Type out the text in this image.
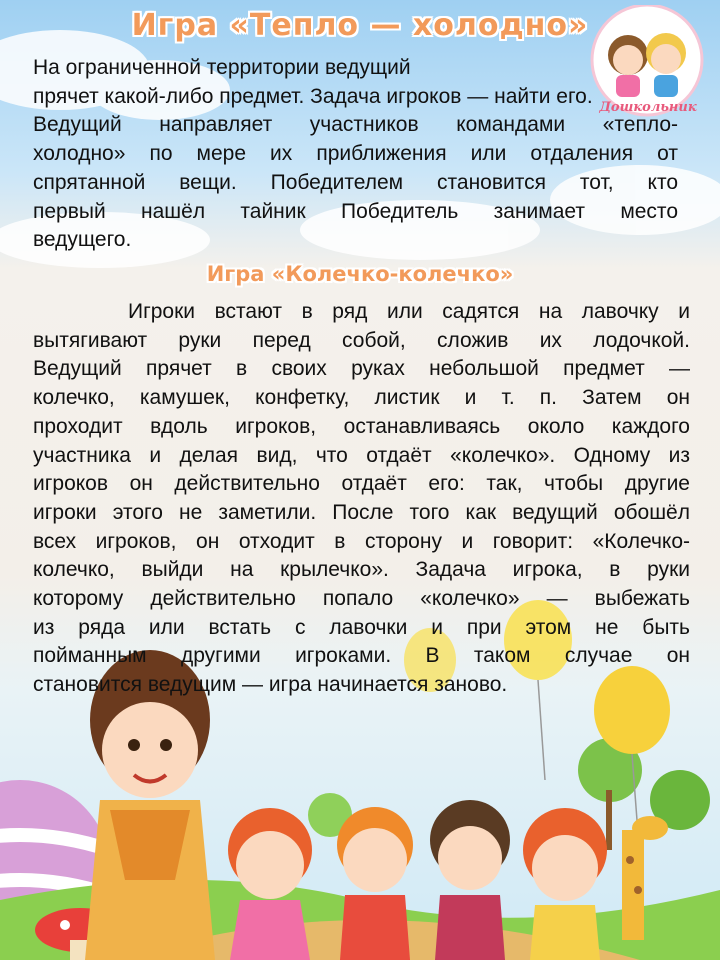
Дошкольник
Игра «Тепло — холодно»
На ограниченной территории ведущий
прячет какой-либо предмет. Задача игроков — найти его.
Ведущий направляет участников командами «тепло-
холодно» по мере их приближения или отдаления от
спрятанной вещи. Победителем становится тот, кто
первый нашёл тайник Победитель занимает место
ведущего.
Игра «Колечко-колечко»
Игроки встают в ряд или садятся на лавочку и
вытягивают руки перед собой, сложив их лодочкой.
Ведущий прячет в своих руках небольшой предмет —
колечко, камушек, конфетку, листик и т. п. Затем он
проходит вдоль игроков, останавливаясь около каждого
участника и делая вид, что отдаёт «колечко». Одному из
игроков он действительно отдаёт его: так, чтобы другие
игроки этого не заметили. После того как ведущий обошёл
всех игроков, он отходит в сторону и говорит: «Колечко-
колечко, выйди на крылечко». Задача игрока, в руки
которому действительно попало «колечко» — выбежать
из ряда или встать с лавочки и при этом не быть
пойманным другими игроками. В таком случае он
становится ведущим — игра начинается заново.
